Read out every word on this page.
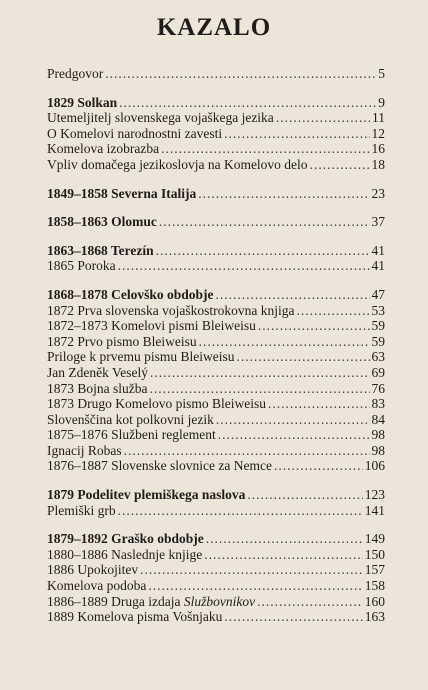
KAZALO
Predgovor .....	5
1829 Solkan .....	9
Utemeljitelj slovenskega vojaškega jezika .....	11
O Komelovi narodnostni zavesti .....	12
Komelova izobrazba .....	16
Vpliv domačega jezikoslovja na Komelovo delo .....	18
1849–1858 Severna Italija .....	23
1858–1863 Olomuc .....	37
1863–1868 Terezín .....	41
1865 Poroka .....	41
1868–1878 Celovško obdobje .....	47
1872 Prva slovenska vojaškostrokovna knjiga .....	53
1872–1873 Komelovi pismi Bleiweisu .....	59
1872 Prvo pismo Bleiweisu .....	59
Priloge k prvemu pismu Bleiweisu .....	63
Jan Zdeněk Veselý .....	69
1873 Bojna služba .....	76
1873 Drugo Komelovo pismo Bleiweisu .....	83
Slovenščina kot polkovni jezik .....	84
1875–1876 Službeni reglement .....	98
Ignacij Robas .....	98
1876–1887 Slovenske slovnice za Nemce .....	106
1879 Podelitev plemiškega naslova .....	123
Plemiški grb .....	141
1879–1892 Graško obdobje .....	149
1880–1886 Naslednje knjige .....	150
1886 Upokojitev .....	157
Komelova podoba .....	158
1886–1889 Druga izdaja Službovnikov .....	160
1889 Komelova pisma Vošnjaku .....	163
